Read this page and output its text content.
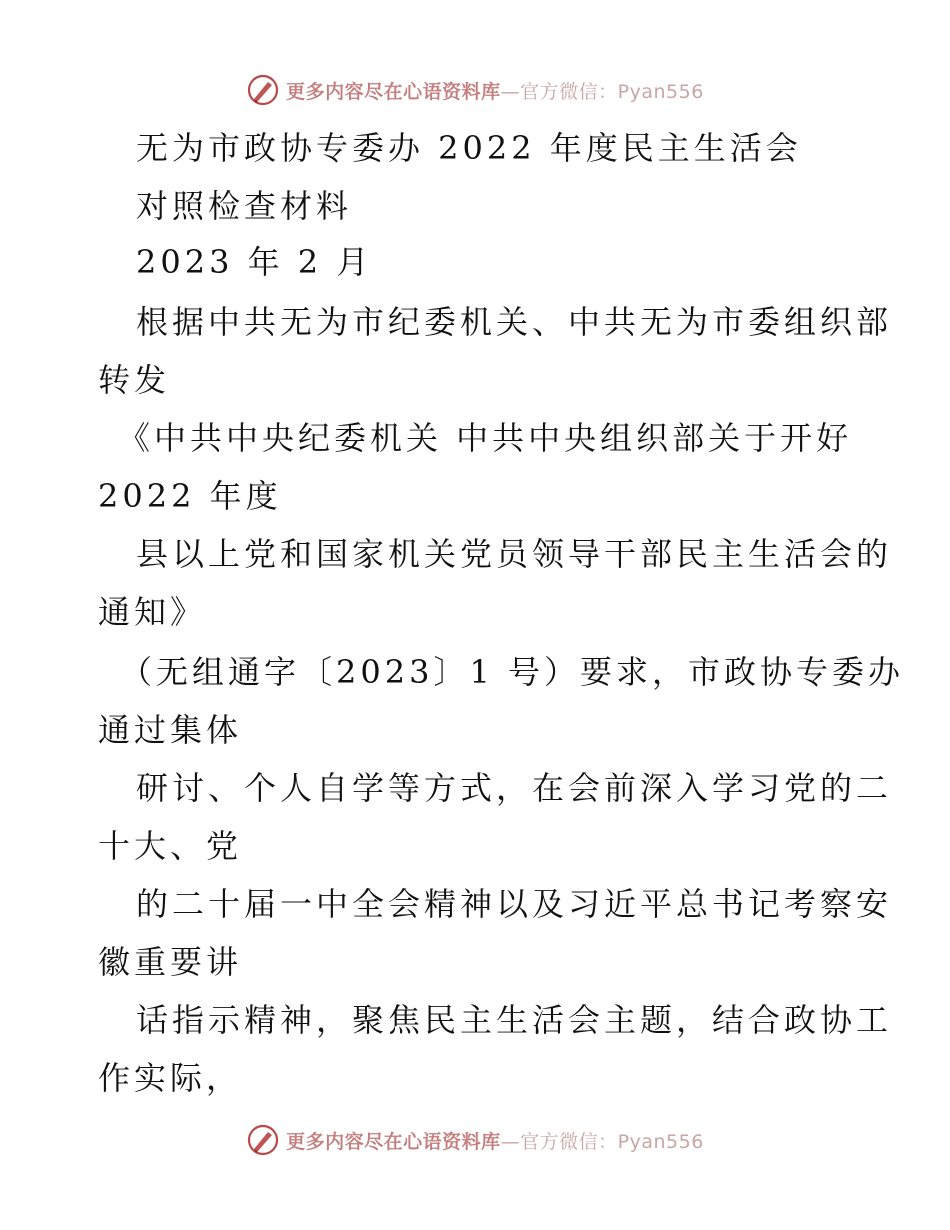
更多内容尽在心语资料库—官方微信：Pyan556
无为市政协专委办 2022 年度民主生活会
对照检查材料
2023 年 2 月
根据中共无为市纪委机关、中共无为市委组织部
转发
《中共中央纪委机关 中共中央组织部关于开好
2022 年度
县以上党和国家机关党员领导干部民主生活会的
通知》
（无组通字〔2023〕1 号）要求，市政协专委办
通过集体
研讨、个人自学等方式，在会前深入学习党的二
十大、党
的二十届一中全会精神以及习近平总书记考察安
徽重要讲
话指示精神，聚焦民主生活会主题，结合政协工
作实际，
更多内容尽在心语资料库—官方微信：Pyan556
